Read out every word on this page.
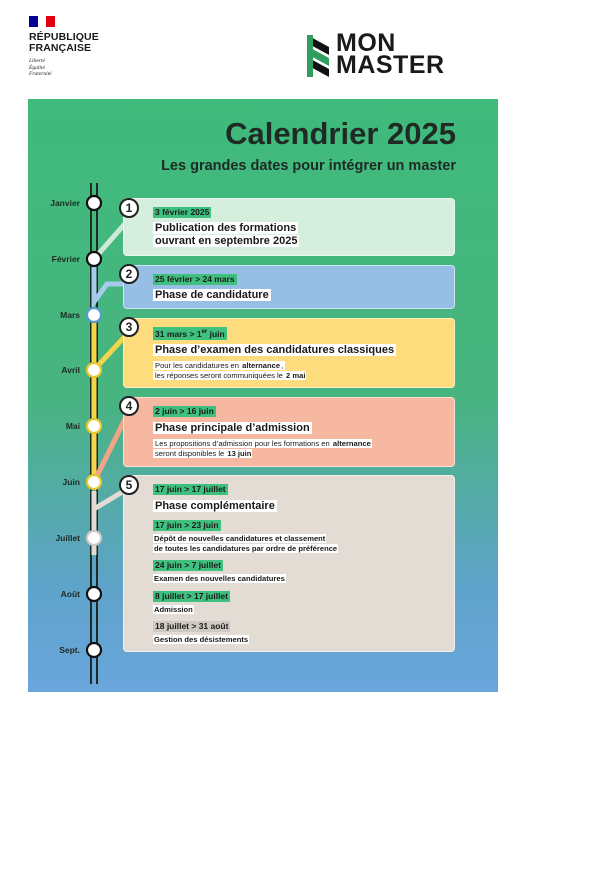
RÉPUBLIQUE
FRANÇAISE
Liberté
Égalité
Fraternité
MON
MASTER
Calendrier 2025
Les grandes dates pour intégrer un master
Janvier
Février
Mars
Avril
Mai
Juin
Juillet
Août
Sept.
3 février 2025
Publication des formations
ouvrant en septembre 2025
1
25 février > 24 mars
Phase de candidature
2
31 mars > 1er juin
Phase d’examen des candidatures classiques
Pour les candidatures en alternance,
les réponses seront communiquées le 2 mai
3
2 juin > 16 juin
Phase principale d’admission
Les propositions d’admission pour les formations en alternance
seront disponibles le 13 juin
4
17 juin > 17 juillet
Phase complémentaire
17 juin > 23 juin
Dépôt de nouvelles candidatures et classement
de toutes les candidatures par ordre de préférence
24 juin > 7 juillet
Examen des nouvelles candidatures
8 juillet > 17 juillet
Admission
18 juillet > 31 août
Gestion des désistements
5
